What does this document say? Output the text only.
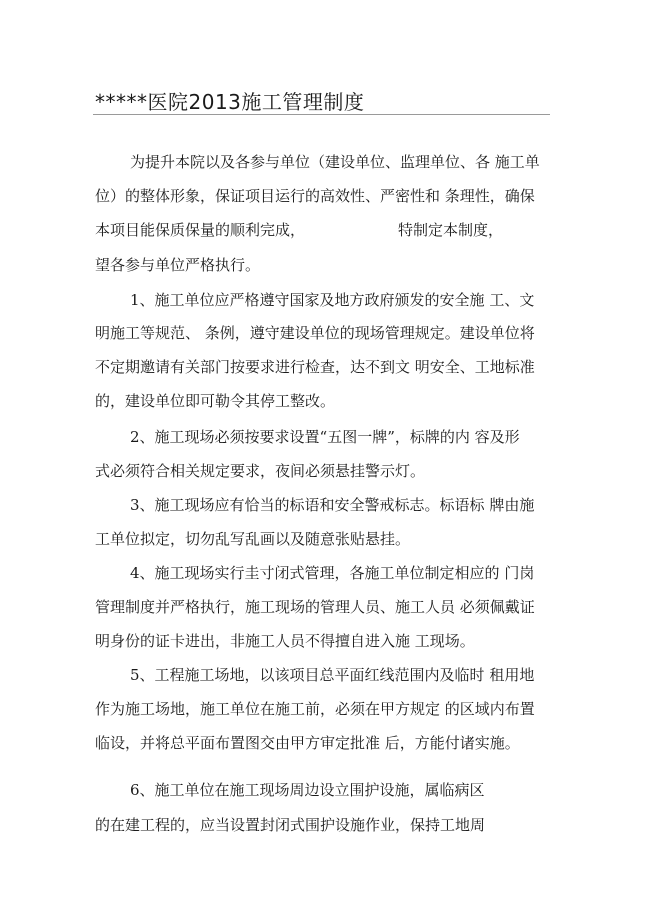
*****医院2013施工管理制度
为提升本院以及各参与单位（建设单位、监理单位、各 施工单
位）的整体形象，保证项目运行的高效性、严密性和 条理性，确保
本项目能保质保量的顺利完成，	特制定本制度，
望各参与单位严格执行。
1、施工单位应严格遵守国家及地方政府颁发的安全施 工、文
明施工等规范、 条例，遵守建设单位的现场管理规定。建设单位将
不定期邀请有关部门按要求进行检查，达不到文 明安全、工地标准
的，建设单位即可勒令其停工整改。
2、施工现场必须按要求设置“五图一牌”，标牌的内 容及形
式必须符合相关规定要求，夜间必须悬挂警示灯。
3、施工现场应有恰当的标语和安全警戒标志。标语标 牌由施
工单位拟定，切勿乱写乱画以及随意张贴悬挂。
4、施工现场实行圭寸闭式管理，各施工单位制定相应的 门岗
管理制度并严格执行，施工现场的管理人员、施工人员 必须佩戴证
明身份的证卡进出，非施工人员不得擅自进入施 工现场。
5、工程施工场地，以该项目总平面红线范围内及临时 租用地
作为施工场地，施工单位在施工前，必须在甲方规定 的区域内布置
临设，并将总平面布置图交由甲方审定批准 后，方能付诸实施。
6、施工单位在施工现场周边设立围护设施，属临病区
的在建工程的，应当设置封闭式围护设施作业，保持工地周
